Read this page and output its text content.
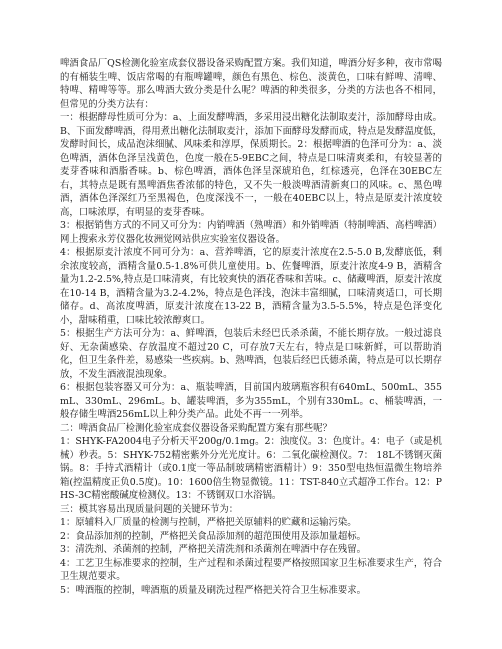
啤酒食品厂QS检测化验室成套仪器设备采购配置方案。我们知道，啤酒分好多种，夜市常喝的有桶装生啤、饭店常喝的有瓶啤罐啤，颜色有黑色、棕色、淡黄色，口味有鲜啤、清啤、特啤、精啤等等。那么啤酒大致分类是什么呢？啤酒的种类很多，分类的方法也各不相同，但常见的分类方法有：

一：根据酵母性质可分为：a、上面发酵啤酒，多采用浸出糖化法制取麦汁，添加酵母由成。B、下面发酵啤酒，得用煮出糖化法制取麦汁，添加下面酵母发酵而成，特点是发酵温度低，发酵时间长，成品泡沫细腻、风味柔和淳厚，保质期长。2：根据啤酒的色泽可分为：a、淡色啤酒，酒体色泽呈浅黄色，色度一般在5-9EBC之间，特点是口味清爽柔和，有较显著的麦芽香味和酒脂香味。b、棕色啤酒，酒体色泽呈深琥珀色，红棕透亮，色泽在30EBC左右，其特点是既有黑啤酒焦香浓郁的特色，又不失一般淡啤酒清新爽口的风味。c、黑色啤酒，酒体色泽深红乃至黑褐色，色度深浅不一，一般在40EBC以上，特点是原麦汁浓度较高，口味浓厚，有明显的麦芽香味。

3：根据销售方式的不同又可分为：内销啤酒（熟啤酒）和外销啤酒（特制啤酒、高档啤酒）网上搜索永芳仪器化妆洲觉网站供应实验室仪器设备。

4：根据原麦汁浓度不同可分为：a、营养啤酒，它的原麦汁浓度在2.5-5.0 B,发酵底低，剩余浓度较高，酒精含量0.5-1.8%可供儿童使用。b、佐餐啤酒，原麦汁浓度4-9 B，酒精含量为1.2-2.5%,特点是口味清爽，有比较爽快的酒花香味和苦味。c、储藏啤酒，原麦汁浓度在10-14 B，酒精含量为3.2-4.2%，特点是色泽浅，泡沫丰富细腻，口味清爽适口，可长期储存。d、高浓度啤酒，原麦汁浓度在13-22 B，酒精含量为3.5-5.5%，特点是色泽变化小，甜味稍重，口味比较浓醇爽口。

5：根据生产方法可分为：a、鲜啤酒，包装后未经巴氏杀杀菌，不能长期存放。一般过滤良好、无杂菌感染、存放温度不超过20 C，可存放7天左右，特点是口味新鲜，可以帮助消化，但卫生条件差，易感染一些疾病。b、熟啤酒，包装后经巴氏德杀菌，特点是可以长期存放，不发生酒液混浊现象。

6：根据包装容器又可分为：a、瓶装啤酒，目前国内玻璃瓶容积有640mL、500mL、355mL、330mL、296mL。b、罐装啤酒，多为355mL，个别有330mL。c、桶装啤酒，一般存储生啤酒256mL以上种分类产品。此处不再一一列举。

二：啤酒食品厂检测化验室成套仪器设备采购配置方案有那些呢？

1：SHYK-FA2004电子分析天平200g/0.1mg。2：浊度仪。3：色度计。4：电子（或是机械）秒表。5：SHYK-752精密紫外分光光度计。6：二氧化碳检测仪。7： 18L不锈钢灭菌锅。8：手持式酒精计（或0.1度一等品制玻璃精密酒精计）9：350型电热恒温微生物培养箱(控温精度正负0.5度)。10：1600倍生物显微镜。11：TST-840立式超净工作台。12：PHS-3C精密酸碱度检测仪。13：不锈钢双口水浴锅。

三：模其容易出现质量问题的关键环节为：

1：原辅料入厂质量的检测与控制，严格把关原辅料的贮藏和运输污染。

2：食品添加剂的控制，严格把关食品添加剂的超范围使用及添加量超标。

3：清洗剂、杀菌剂的控制，严格把关清洗剂和杀菌剂在啤酒中存在残留。

4：工艺卫生标准要求的控制，生产过程和杀菌过程要严格按照国家卫生标准要求生产，符合卫生规范要求。

5：啤酒瓶的控制，啤酒瓶的质量及刷洗过程严格把关符合卫生标准要求。
